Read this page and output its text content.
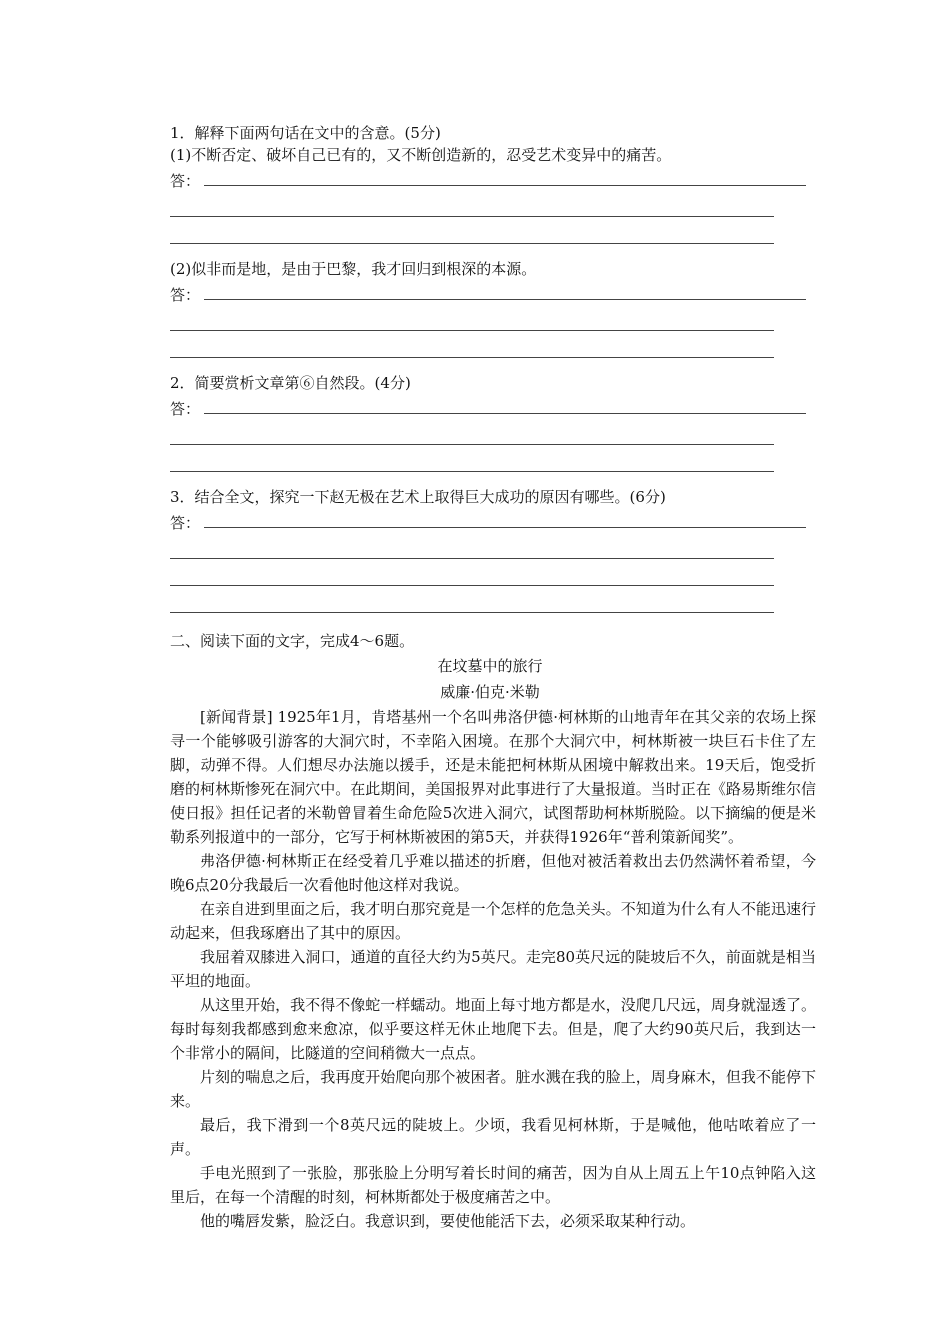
1．解释下面两句话在文中的含意。(5分)
(1)不断否定、破坏自己已有的，又不断创造新的，忍受艺术变异中的痛苦。
答：
(2)似非而是地，是由于巴黎，我才回归到根深的本源。
答：
2．简要赏析文章第⑥自然段。(4分)
答：
3．结合全文，探究一下赵无极在艺术上取得巨大成功的原因有哪些。(6分)
答：
二、阅读下面的文字，完成4～6题。
在坟墓中的旅行
威廉·伯克·米勒

[新闻背景] 1925年1月，肯塔基州一个名叫弗洛伊德·柯林斯的山地青年在其父亲的农场上探寻一个能够吸引游客的大洞穴时，不幸陷入困境。在那个大洞穴中，柯林斯被一块巨石卡住了左脚，动弹不得。人们想尽办法施以援手，还是未能把柯林斯从困境中解救出来。19天后，饱受折磨的柯林斯惨死在洞穴中。在此期间，美国报界对此事进行了大量报道。当时正在《路易斯维尔信使日报》担任记者的米勒曾冒着生命危险5次进入洞穴，试图帮助柯林斯脱险。以下摘编的便是米勒系列报道中的一部分，它写于柯林斯被困的第5天，并获得1926年“普利策新闻奖”。

弗洛伊德·柯林斯正在经受着几乎难以描述的折磨，但他对被活着救出去仍然满怀着希望，今晚6点20分我最后一次看他时他这样对我说。

在亲自进到里面之后，我才明白那究竟是一个怎样的危急关头。不知道为什么有人不能迅速行动起来，但我琢磨出了其中的原因。

我屈着双膝进入洞口，通道的直径大约为5英尺。走完80英尺远的陡坡后不久，前面就是相当平坦的地面。

从这里开始，我不得不像蛇一样蠕动。地面上每寸地方都是水，没爬几尺远，周身就湿透了。每时每刻我都感到愈来愈凉，似乎要这样无休止地爬下去。但是，爬了大约90英尺后，我到达一个非常小的隔间，比隧道的空间稍微大一点点。

片刻的喘息之后，我再度开始爬向那个被困者。脏水溅在我的脸上，周身麻木，但我不能停下来。

最后，我下滑到一个8英尺远的陡坡上。少顷，我看见柯林斯，于是喊他，他咕哝着应了一声。

手电光照到了一张脸，那张脸上分明写着长时间的痛苦，因为自从上周五上午10点钟陷入这里后，在每一个清醒的时刻，柯林斯都处于极度痛苦之中。

他的嘴唇发紫，脸泛白。我意识到，要使他能活下去，必须采取某种行动。
